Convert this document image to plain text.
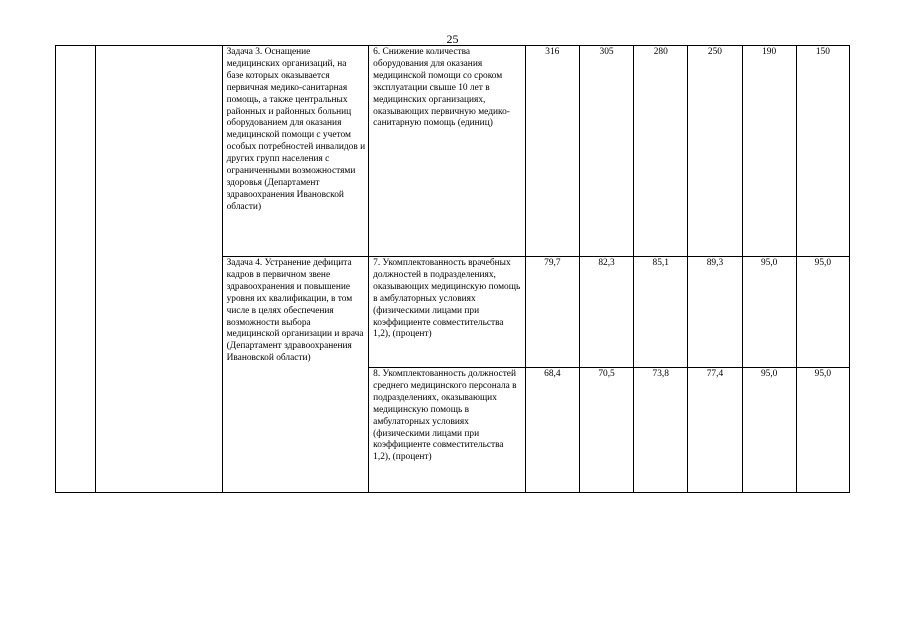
25

		Задача 3. Оснащение медицинских организаций, на базе которых оказывается первичная медико-санитарная помощь, а также центральных районных и районных больниц оборудованием для оказания медицинской помощи с учетом особых потребностей инвалидов и других групп населения с ограниченными возможностями здоровья (Департамент здравоохранения Ивановской области)	6. Снижение количества оборудования для оказания медицинской помощи со сроком эксплуатации свыше 10 лет в медицинских организациях, оказывающих первичную медико-санитарную помощь (единиц)	316	305	280	250	190	150

		Задача 4. Устранение дефицита кадров в первичном звене здравоохранения и повышение уровня их квалификации, в том числе в целях обеспечения возможности выбора медицинской организации и врача (Департамент здравоохранения Ивановской области)	7. Укомплектованность врачебных должностей в подразделениях, оказывающих медицинскую помощь в амбулаторных условиях (физическими лицами при коэффициенте совместительства 1,2), (процент)	79,7	82,3	85,1	89,3	95,0	95,0

			8. Укомплектованность должностей среднего медицинского персонала в подразделениях, оказывающих медицинскую помощь в амбулаторных условиях (физическими лицами при коэффициенте совместительства 1,2), (процент)	68,4	70,5	73,8	77,4	95,0	95,0
